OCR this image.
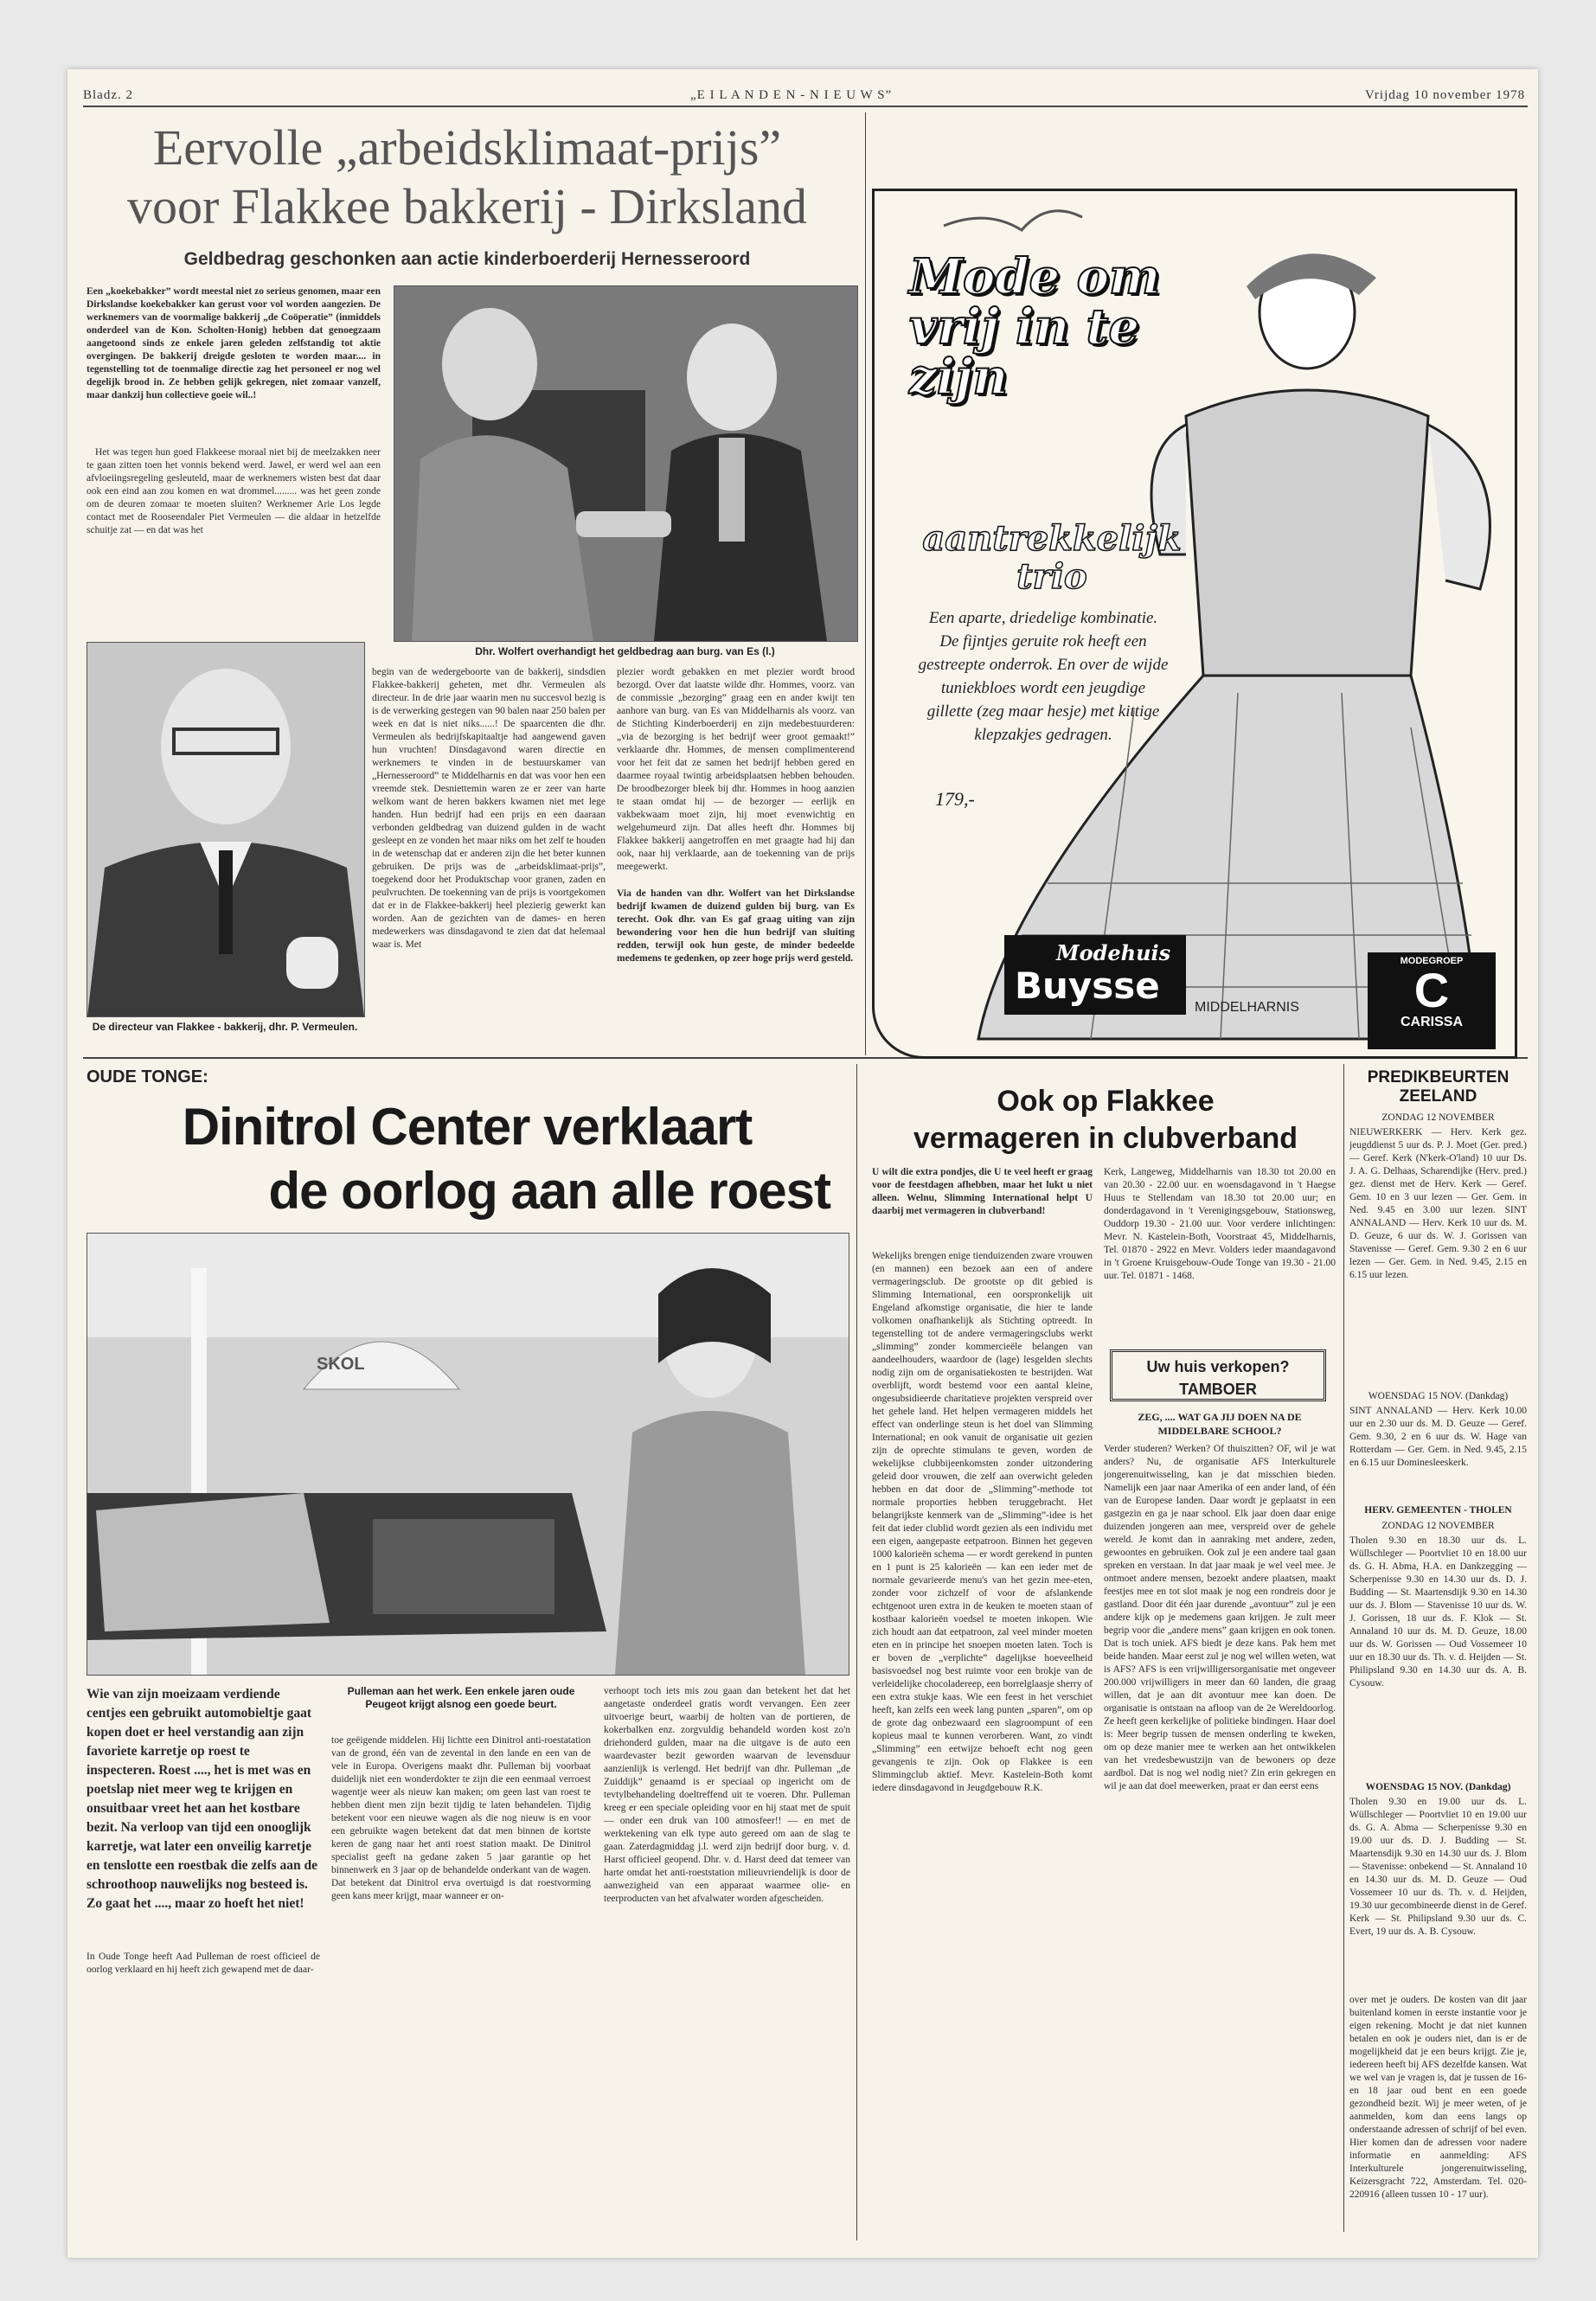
Bladz. 2	„E I L A N D E N - N I E U W S”	Vrijdag 10 november 1978
Eervolle „arbeidsklimaat-prijs”
voor Flakkee bakkerij - Dirksland
Geldbedrag geschonken aan actie kinderboerderij Hernesseroord
Een „koekebakker” wordt meestal niet zo serieus genomen, maar een Dirkslandse koekebakker kan gerust voor vol worden aangezien. De werknemers van de voormalige bakkerij „de Coöperatie” (inmiddels onderdeel van de Kon. Scholten-Honig) hebben dat genoegzaam aangetoond sinds ze enkele jaren geleden zelfstandig tot aktie overgingen. De bakkerij dreigde gesloten te worden maar.... in tegenstelling tot de toenmalige directie zag het personeel er nog wel degelijk brood in. Ze hebben gelijk gekregen, niet zomaar vanzelf, maar dankzij hun collectieve goeie wil..!
Het was tegen hun goed Flakkeese moraal niet bij de meelzakken neer te gaan zitten toen het vonnis bekend werd. Jawel, er werd wel aan een afvloeiingsregeling gesleuteld, maar de werknemers wisten best dat daar ook een eind aan zou komen en wat drommel......... was het geen zonde om de deuren zomaar te moeten sluiten? Werknemer Arie Los legde contact met de Rooseendaler Piet Vermeulen — die aldaar in hetzelfde schuitje zat — en dat was het
Dhr. Wolfert overhandigt het geldbedrag aan burg. van Es (l.)
De directeur van Flakkee - bakkerij, dhr. P. Vermeulen.
begin van de wedergeboorte van de bakkerij, sindsdien Flakkee-bakkerij geheten, met dhr. Vermeulen als directeur. In de drie jaar waarin men nu succesvol bezig is is de verwerking gestegen van 90 balen naar 250 balen per week en dat is niet niks......! De spaarcenten die dhr. Vermeulen als bedrijfskapitaaltje had aangewend gaven hun vruchten! Dinsdagavond waren directie en werknemers te vinden in de bestuurskamer van „Hernesseroord” te Middelharnis en dat was voor hen een vreemde stek. Desniettemin waren ze er zeer van harte welkom want de heren bakkers kwamen niet met lege handen. Hun bedrijf had een prijs en een daaraan verbonden geldbedrag van duizend gulden in de wacht gesleept en ze vonden het maar niks om het zelf te houden in de wetenschap dat er anderen zijn die het beter kunnen gebruiken. De prijs was de „arbeidsklimaat-prijs”, toegekend door het Produktschap voor granen, zaden en peulvruchten. De toekenning van de prijs is voortgekomen dat er in de Flakkee-bakkerij heel plezierig gewerkt kan worden. Aan de gezichten van de dames- en heren medewerkers was dinsdagavond te zien dat dat helemaal waar is. Met
plezier wordt gebakken en met plezier wordt brood bezorgd. Over dat laatste wilde dhr. Hommes, voorz. van de commissie „bezorging” graag een en ander kwijt ten aanhore van burg. van Es van Middelharnis als voorz. van de Stichting Kinderboerderij en zijn medebestuurderen: „via de bezorging is het bedrijf weer groot gemaakt!” verklaarde dhr. Hommes, de mensen complimenterend voor het feit dat ze samen het bedrijf hebben gered en daarmee royaal twintig arbeidsplaatsen hebben behouden. De broodbezorger bleek bij dhr. Hommes in hoog aanzien te staan omdat hij — de bezorger — eerlijk en vakbekwaam moet zijn, hij moet evenwichtig en welgehumeurd zijn. Dat alles heeft dhr. Hommes bij Flakkee bakkerij aangetroffen en met graagte had hij dan ook, naar hij verklaarde, aan de toekenning van de prijs meegewerkt.
Via de handen van dhr. Wolfert van het Dirkslandse bedrijf kwamen de duizend gulden bij burg. van Es terecht. Ook dhr. van Es gaf graag uiting van zijn bewondering voor hen die hun bedrijf van sluiting redden, terwijl ook hun geste, de minder bedeelde medemens te gedenken, op zeer hoge prijs werd gesteld.
Mode om vrij in te zijn
aantrekkelijk trio
Een aparte, driedelige kombinatie. De fijntjes geruite rok heeft een gestreepte onderrok. En over de wijde tuniekbloes wordt een jeugdige gillette (zeg maar hesje) met kittige klepzakjes gedragen.
179,-
Modehuis
Buysse
MIDDELHARNIS
MODEGROEP
C
CARISSA
OUDE TONGE:
Dinitrol Center verklaart
de oorlog aan alle roest
SKOL
Wie van zijn moeizaam verdiende centjes een gebruikt automobieltje gaat kopen doet er heel verstandig aan zijn favoriete karretje op roest te inspecteren. Roest ...., het is met was en poetslap niet meer weg te krijgen en onsuitbaar vreet het aan het kostbare bezit. Na verloop van tijd een onooglijk karretje, wat later een onveilig karretje en tenslotte een roestbak die zelfs aan de schroothoop nauwelijks nog besteed is. Zo gaat het ...., maar zo hoeft het niet!
In Oude Tonge heeft Aad Pulleman de roest officieel de oorlog verklaard en hij heeft zich gewapend met de daar-
Pulleman aan het werk. Een enkele jaren oude Peugeot krijgt alsnog een goede beurt.
toe geëigende middelen. Hij lichtte een Dinitrol anti-roestatation van de grond, één van de zevental in den lande en een van de vele in Europa. Overigens maakt dhr. Pulleman bij voorbaat duidelijk niet een wonderdokter te zijn die een eenmaal verroest wagentje weer als nieuw kan maken; om geen last van roest te hebben dient men zijn bezit tijdig te laten behandelen. Tijdig betekent voor een nieuwe wagen als die nog nieuw is en voor een gebruikte wagen betekent dat dat men binnen de kortste keren de gang naar het anti roest station maakt. De Dinitrol specialist geeft na gedane zaken 5 jaar garantie op het binnenwerk en 3 jaar op de behandelde onderkant van de wagen. Dat betekent dat Dinitrol erva overtuigd is dat roestvorming geen kans meer krijgt, maar wanneer er on-
verhoopt toch iets mis zou gaan dan betekent het dat het aangetaste onderdeel gratis wordt vervangen. Een zeer uitvoerige beurt, waarbij de holten van de portieren, de kokerbalken enz. zorgvuldig behandeld worden kost zo'n driehonderd gulden, maar na die uitgave is de auto een waardevaster bezit geworden waarvan de levensduur aanzienlijk is verlengd. Het bedrijf van dhr. Pulleman „de Zuiddijk” genaamd is er speciaal op ingericht om de tevtylbehandeling doeltreffend uit te voeren. Dhr. Pulleman kreeg er een speciale opleiding voor en hij staat met de spuit — onder een druk van 100 atmosfeer!! — en met de werktekening van elk type auto gereed om aan de slag te gaan. Zaterdagmiddag j.l. werd zijn bedrijf door burg. v. d. Harst officieel geopend. Dhr. v. d. Harst deed dat temeer van harte omdat het anti-roeststation milieuvriendelijk is door de aanwezigheid van een apparaat waarmee olie- en teerproducten van het afvalwater worden afgescheiden.
Ook op Flakkee
vermageren in clubverband
U wilt die extra pondjes, die U te veel heeft er graag voor de feestdagen afhebben, maar het lukt u niet alleen. Welnu, Slimming International helpt U daarbij met vermageren in clubverband!
Wekelijks brengen enige tienduizenden zware vrouwen (en mannen) een bezoek aan een of andere vermageringsclub. De grootste op dit gebied is Slimming International, een oorspronkelijk uit Engeland afkomstige organisatie, die hier te lande volkomen onafhankelijk als Stichting optreedt. In tegenstelling tot de andere vermageringsclubs werkt „slimming” zonder kommercieële belangen van aandeelhouders, waardoor de (lage) lesgelden slechts nodig zijn om de organisatiekosten te bestrijden. Wat overblijft, wordt bestemd voor een aantal kleine, ongesubsidieerde charitatieve projekten verspreid over het gehele land. Het helpen vermageren middels het effect van onderlinge steun is het doel van Slimming International; en ook vanuit de organisatie uit gezien zijn de oprechte stimulans te geven, worden de wekelijkse clubbijeenkomsten zonder uitzondering geleid door vrouwen, die zelf aan overwicht geleden hebben en dat door de „Slimming”-methode tot normale proporties hebben teruggebracht. Het belangrijkste kenmerk van de „Slimming”-idee is het feit dat ieder clublid wordt gezien als een individu met een eigen, aangepaste eetpatroon. Binnen het gegeven 1000 kalorieën schema — er wordt gerekend in punten en 1 punt is 25 kalorieën — kan een ieder met de normale gevarieerde menu's van het gezin mee-eten, zonder voor zichzelf of voor de afslankende echtgenoot uren extra in de keuken te moeten staan of kostbaar kalorieën voedsel te moeten inkopen. Wie zich houdt aan dat eetpatroon, zal veel minder moeten eten en in principe het snoepen moeten laten. Toch is er boven de „verplichte” dagelijkse hoeveelheid basisvoedsel nog best ruimte voor een brokje van de verleidelijke chocoladereep, een borrelglaasje sherry of een extra stukje kaas. Wie een feest in het verschiet heeft, kan zelfs een week lang punten „sparen”, om op de grote dag onbezwaard een slagroompunt of een kopieus maal te kunnen verorberen. Want, zo vindt „Slimming” een eetwijze behoeft echt nog geen gevangenis te zijn. Ook op Flakkee is een Slimmingclub aktief. Mevr. Kastelein-Both komt iedere dinsdagavond in Jeugdgebouw R.K.
Kerk, Langeweg, Middelharnis van 18.30 tot 20.00 en van 20.30 - 22.00 uur. en woensdagavond in 't Haegse Huus te Stellendam van 18.30 tot 20.00 uur; en donderdagavond in 't Verenigingsgebouw, Stationsweg, Ouddorp 19.30 - 21.00 uur. Voor verdere inlichtingen: Mevr. N. Kastelein-Both, Voorstraat 45, Middelharnis, Tel. 01870 - 2922 en Mevr. Volders ieder maandagavond in 't Groene Kruisgebouw-Oude Tonge van 19.30 - 21.00 uur. Tel. 01871 - 1468.
Uw huis verkopen?
TAMBOER
ZEG, .... WAT GA JIJ DOEN NA DE MIDDELBARE SCHOOL?
Verder studeren? Werken? Of thuiszitten? OF, wil je wat anders? Nu, de organisatie AFS Interkulturele jongerenuitwisseling, kan je dat misschien bieden. Namelijk een jaar naar Amerika of een ander land, of één van de Europese landen. Daar wordt je geplaatst in een gastgezin en ga je naar school. Elk jaar doen daar enige duizenden jongeren aan mee, verspreid over de gehele wereld. Je komt dan in aanraking met andere, zeden, gewoontes en gebruiken. Ook zul je een andere taal gaan spreken en verstaan. In dat jaar maak je wel veel mee. Je ontmoet andere mensen, bezoekt andere plaatsen, maakt feestjes mee en tot slot maak je nog een rondreis door je gastland. Door dit één jaar durende „avontuur” zul je een andere kijk op je medemens gaan krijgen. Je zult meer begrip voor die „andere mens” gaan krijgen en ook tonen. Dat is toch uniek. AFS biedt je deze kans. Pak hem met beide handen. Maar eerst zul je nog wel willen weten, wat is AFS? AFS is een vrijwilligersorganisatie met ongeveer 200.000 vrijwilligers in meer dan 60 landen, die graag willen, dat je aan dit avontuur mee kan doen. De organisatie is ontstaan na afloop van de 2e Wereldoorlog. Ze heeft geen kerkelijke of politieke bindingen. Haar doel is: Meer begrip tussen de mensen onderling te kweken, om op deze manier mee te werken aan het ontwikkelen van het vredesbewustzijn van de bewoners op deze aardbol. Dat is nog wel nodig niet? Zin erin gekregen en wil je aan dat doel meewerken, praat er dan eerst eens
over met je ouders. De kosten van dit jaar buitenland komen in eerste instantie voor je eigen rekening. Mocht je dat niet kunnen betalen en ook je ouders niet, dan is er de mogelijkheid dat je een beurs krijgt. Zie je, iedereen heeft bij AFS dezelfde kansen. Wat we wel van je vragen is, dat je tussen de 16- en 18 jaar oud bent en een goede gezondheid bezit. Wij je meer weten, of je aanmelden, kom dan eens langs op onderstaande adressen of schrijf of bel even. Hier komen dan de adressen voor nadere informatie en aanmelding: AFS Interkulturele jongerenuitwisseling, Keizersgracht 722, Amsterdam. Tel. 020-220916 (alleen tussen 10 - 17 uur).
PREDIKBEURTEN
ZEELAND
ZONDAG 12 NOVEMBER
NIEUWERKERK — Herv. Kerk gez. jeugddienst 5 uur ds. P. J. Moet (Ger. pred.) — Geref. Kerk (N'kerk-O'land) 10 uur Ds. J. A. G. Delhaas, Scharendijke (Herv. pred.) gez. dienst met de Herv. Kerk — Geref. Gem. 10 en 3 uur lezen — Ger. Gem. in Ned. 9.45 en 3.00 uur lezen. SINT ANNALAND — Herv. Kerk 10 uur ds. M. D. Geuze, 6 uur ds. W. J. Gorissen van Stavenisse — Geref. Gem. 9.30 2 en 6 uur lezen — Ger. Gem. in Ned. 9.45, 2.15 en 6.15 uur lezen.
WOENSDAG 15 NOV. (Dankdag)
SINT ANNALAND — Herv. Kerk 10.00 uur en 2.30 uur ds. M. D. Geuze — Geref. Gem. 9.30, 2 en 6 uur ds. W. Hage van Rotterdam — Ger. Gem. in Ned. 9.45, 2.15 en 6.15 uur Dominesleeskerk.
HERV. GEMEENTEN - THOLEN
ZONDAG 12 NOVEMBER
Tholen 9.30 en 18.30 uur ds. L. Wüllschleger — Poortvliet 10 en 18.00 uur ds. G. H. Abma, H.A. en Dankzegging — Scherpenisse 9.30 en 14.30 uur ds. D. J. Budding — St. Maartensdijk 9.30 en 14.30 uur ds. J. Blom — Stavenisse 10 uur ds. W. J. Gorissen, 18 uur ds. F. Klok — St. Annaland 10 uur ds. M. D. Geuze, 18.00 uur ds. W. Gorissen — Oud Vossemeer 10 uur en 18.30 uur ds. Th. v. d. Heijden — St. Philipsland 9.30 en 14.30 uur ds. A. B. Cysouw.
WOENSDAG 15 NOV. (Dankdag)
Tholen 9.30 en 19.00 uur ds. L. Wüllschleger — Poortvliet 10 en 19.00 uur ds. G. A. Abma — Scherpenisse 9.30 en 19.00 uur ds. D. J. Budding — St. Maartensdijk 9.30 en 14.30 uur ds. J. Blom — Stavenisse: onbekend — St. Annaland 10 en 14.30 uur ds. M. D. Geuze — Oud Vossemeer 10 uur ds. Th. v. d. Heijden, 19.30 uur gecombineerde dienst in de Geref. Kerk — St. Philipsland 9.30 uur ds. C. Evert, 19 uur ds. A. B. Cysouw.
